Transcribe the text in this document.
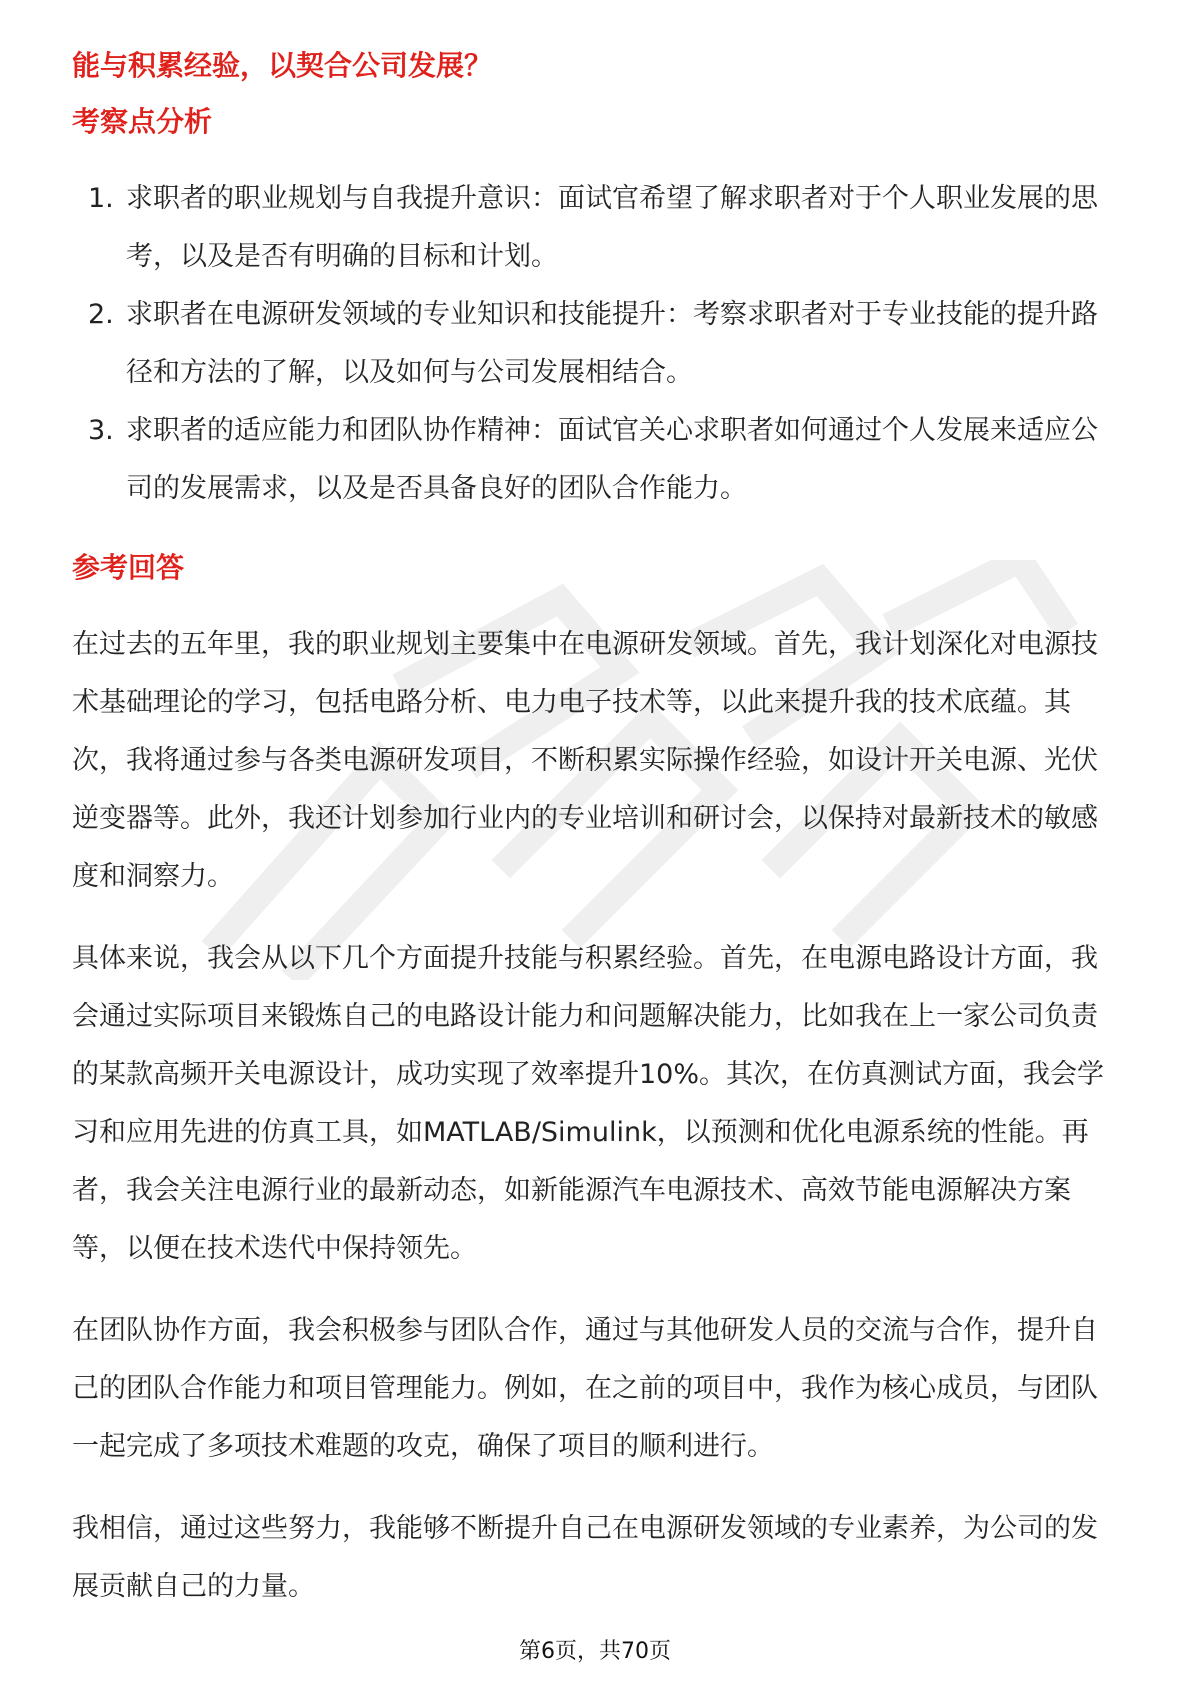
能与积累经验，以契合公司发展？
考察点分析
1. 求职者的职业规划与自我提升意识：面试官希望了解求职者对于个人职业发展的思考，以及是否有明确的目标和计划。
2. 求职者在电源研发领域的专业知识和技能提升：考察求职者对于专业技能的提升路径和方法的了解，以及如何与公司发展相结合。
3. 求职者的适应能力和团队协作精神：面试官关心求职者如何通过个人发展来适应公司的发展需求，以及是否具备良好的团队合作能力。
参考回答

在过去的五年里，我的职业规划主要集中在电源研发领域。首先，我计划深化对电源技术基础理论的学习，包括电路分析、电力电子技术等，以此来提升我的技术底蕴。其次，我将通过参与各类电源研发项目，不断积累实际操作经验，如设计开关电源、光伏逆变器等。此外，我还计划参加行业内的专业培训和研讨会，以保持对最新技术的敏感度和洞察力。

具体来说，我会从以下几个方面提升技能与积累经验。首先，在电源电路设计方面，我会通过实际项目来锻炼自己的电路设计能力和问题解决能力，比如我在上一家公司负责的某款高频开关电源设计，成功实现了效率提升10%。其次，在仿真测试方面，我会学习和应用先进的仿真工具，如MATLAB/Simulink，以预测和优化电源系统的性能。再者，我会关注电源行业的最新动态，如新能源汽车电源技术、高效节能电源解决方案等，以便在技术迭代中保持领先。

在团队协作方面，我会积极参与团队合作，通过与其他研发人员的交流与合作，提升自己的团队合作能力和项目管理能力。例如，在之前的项目中，我作为核心成员，与团队一起完成了多项技术难题的攻克，确保了项目的顺利进行。

我相信，通过这些努力，我能够不断提升自己在电源研发领域的专业素养，为公司的发展贡献自己的力量。

第6页，共70页
